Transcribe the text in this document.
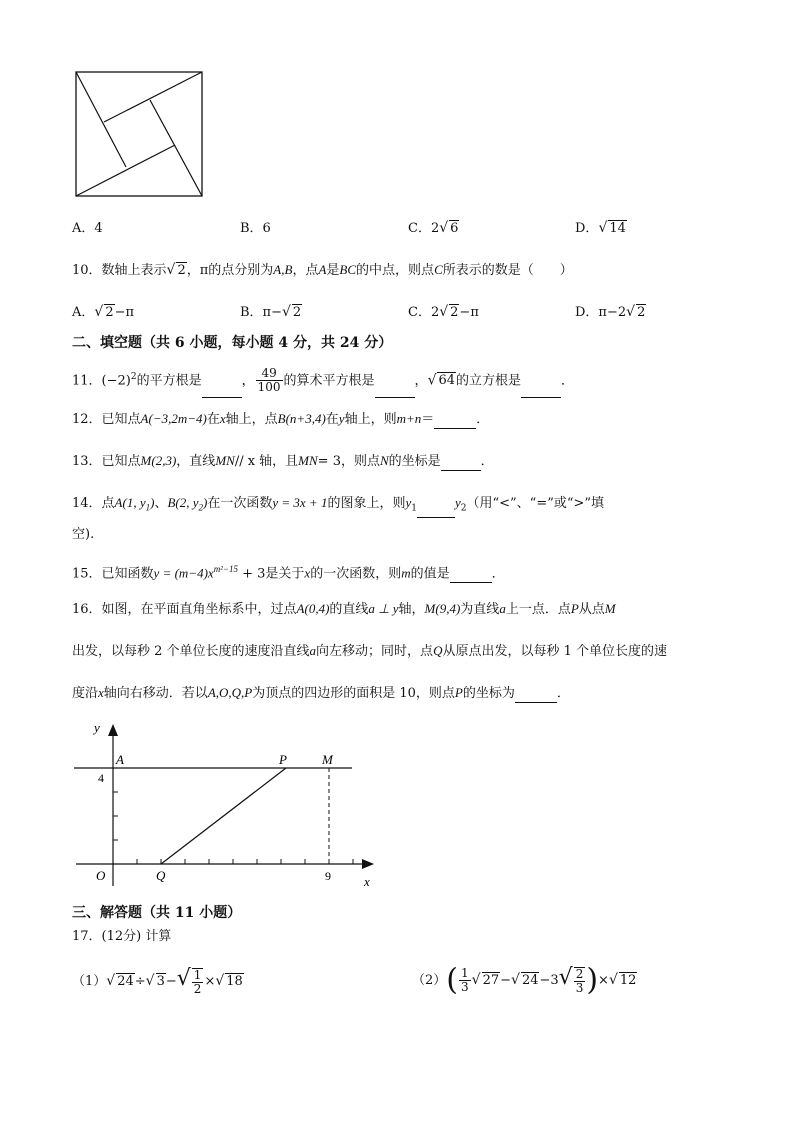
A．4	B．6	C．2√ 6	D．√ 14
10．数轴上表示√ 2，π的点分别为A,B，点A是BC的中点，则点C所表示的数是（　　）
A．√ 2−π	B．π−√ 2	C．2√ 2−π	D．π−2√ 2
二、填空题（共 6 小题，每小题 4 分，共 24 分）
11．$(-2)^2$的平方根是	， $\frac{49}{100}$ 的算术平方根是	，√ 64的立方根是	．
12．已知点A(−3,2m−4)在x轴上，点B(n+3,4)在y轴上，则m+n＝	．
13．已知点M(2,3)，直线MN// x 轴，且MN= 3，则点N的坐标是	．
14．点A(1, $y_1$)、B(2, $y_2$)在一次函数y = 3x + 1的图象上，则$y_1$	$y_2$（用“<”、“=”或“>”填
空).
15．已知函数$y = (m-4)x^{m^2-15} + 3$是关于x的一次函数，则m的值是	．
16．如图，在平面直角坐标系中，过点A(0,4)的直线a ⊥ y轴，M(9,4)为直线a上一点．点P从点M
出发，以每秒 2 个单位长度的速度沿直线a向左移动；同时，点Q从原点出发，以每秒 1 个单位长度的速
度沿x轴向右移动．若以A,O,Q,P为顶点的四边形的面积是 10，则点P的坐标为	．
y
x
A	P	M
O	Q
4
9
三、解答题（共 11 小题）
17．(12分) 计算
（1）√ 24÷√ $3-√ \frac{1}{2}$ ×√ 18	$(2)( \frac{1}{3}$ √ 27−√ $24-3√ \frac{2}{3}$ )×√ 12
